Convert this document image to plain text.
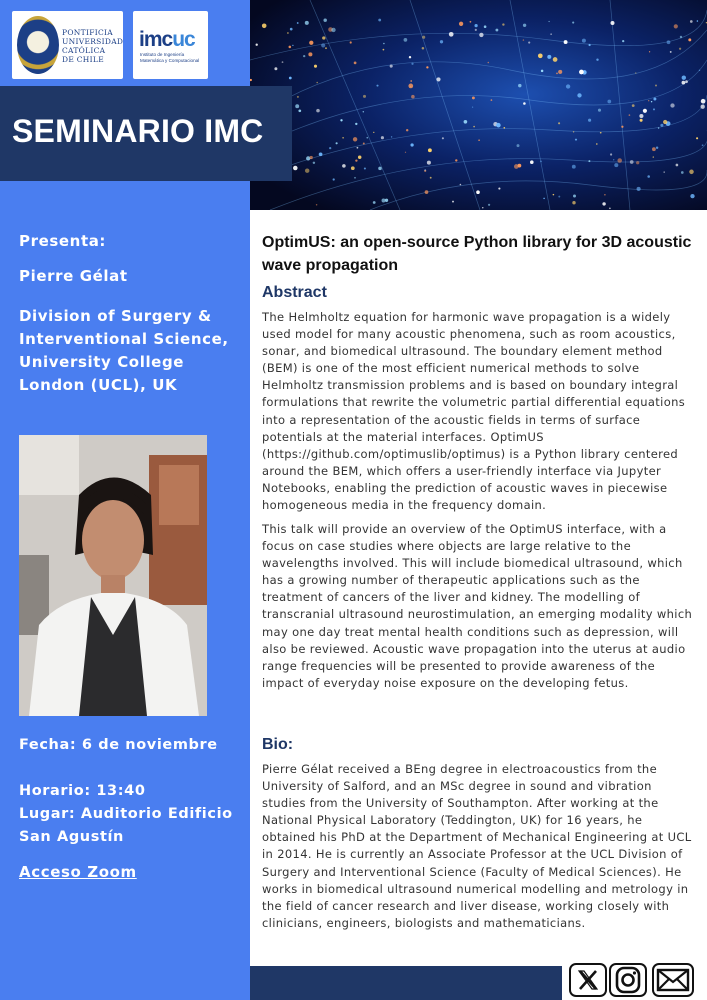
PONTIFICIA
UNIVERSIDAD
CATÓLICA
DE CHILE
imcuc
Instituto de Ingeniería Matemática y Computacional
SEMINARIO IMC

Presenta:

Pierre Gélat

Division of Surgery & Interventional Science, University College London (UCL), UK

Fecha: 6 de noviembre

Horario: 13:40

Lugar: Auditorio Edificio San Agustín

Acceso Zoom
OptimUS: an open-source Python library for 3D acoustic wave propagation
Abstract

The Helmholtz equation for harmonic wave propagation is a widely
used model for many acoustic phenomena, such as room acoustics,
sonar, and biomedical ultrasound. The boundary element method
(BEM) is one of the most efficient numerical methods to solve
Helmholtz transmission problems and is based on boundary integral
formulations that rewrite the volumetric partial differential equations
into a representation of the acoustic fields in terms of surface
potentials at the material interfaces. OptimUS
(https://github.com/optimuslib/optimus) is a Python library centered
around the BEM, which offers a user-friendly interface via Jupyter
Notebooks, enabling the prediction of acoustic waves in piecewise
homogeneous media in the frequency domain.

This talk will provide an overview of the OptimUS interface, with a
focus on case studies where objects are large relative to the
wavelengths involved. This will include biomedical ultrasound, which
has a growing number of therapeutic applications such as the
treatment of cancers of the liver and kidney. The modelling of
transcranial ultrasound neurostimulation, an emerging modality which
may one day treat mental health conditions such as depression, will
also be reviewed. Acoustic wave propagation into the uterus at audio
range frequencies will be presented to provide awareness of the
impact of everyday noise exposure on the developing fetus.

Bio:

Pierre Gélat received a BEng degree in electroacoustics from the
University of Salford, and an MSc degree in sound and vibration
studies from the University of Southampton. After working at the
National Physical Laboratory (Teddington, UK) for 16 years, he
obtained his PhD at the Department of Mechanical Engineering at UCL
in 2014. He is currently an Associate Professor at the UCL Division of
Surgery and Interventional Science (Faculty of Medical Sciences). He
works in biomedical ultrasound numerical modelling and metrology in
the field of cancer research and liver disease, working closely with
clinicians, engineers, biologists and mathematicians.
